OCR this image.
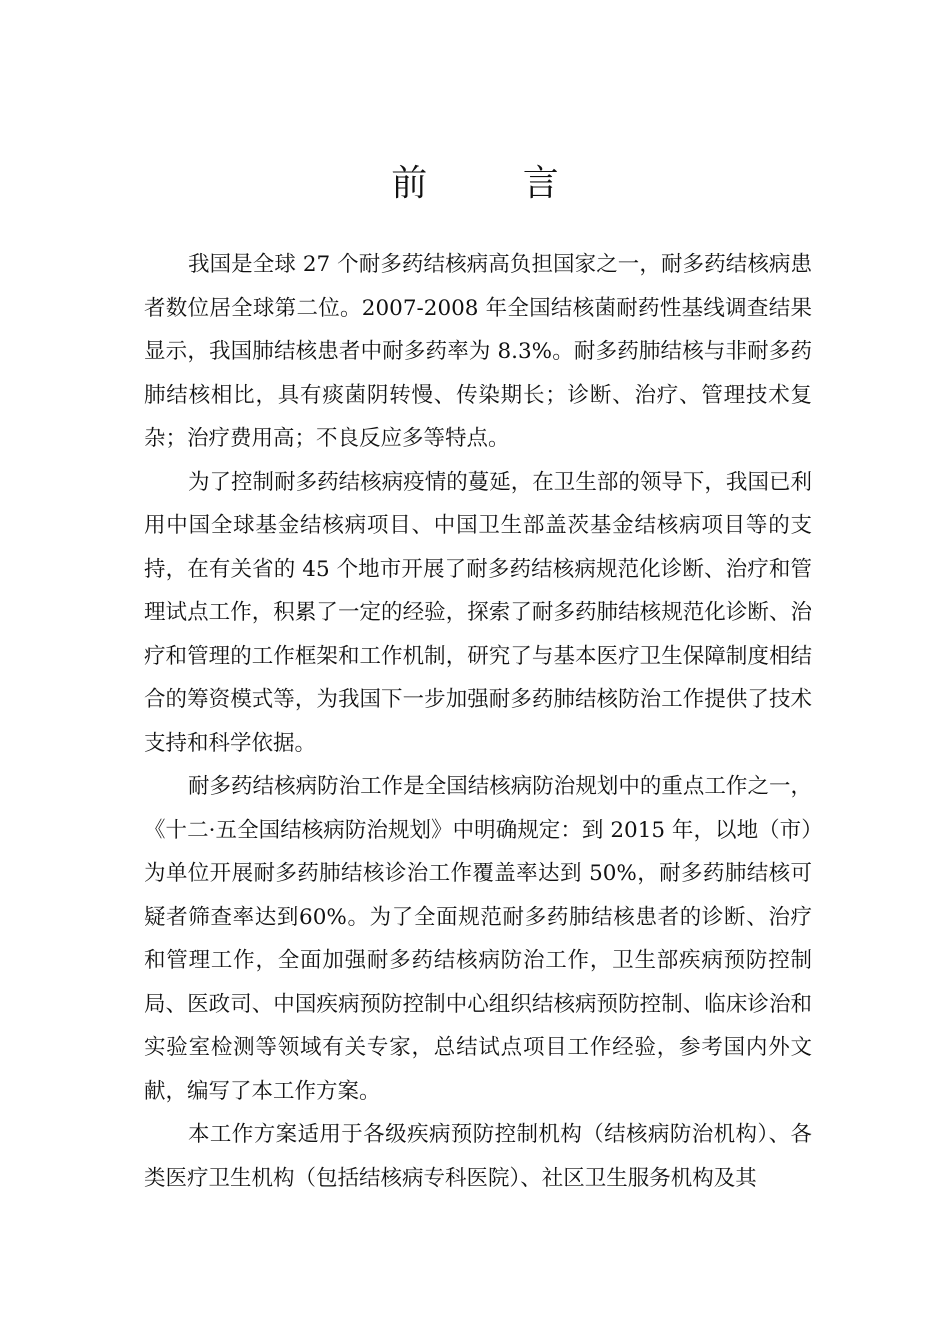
前 言

我国是全球 27 个耐多药结核病高负担国家之一，耐多药结核病患者数位居全球第二位。2007-2008 年全国结核菌耐药性基线调查结果显示，我国肺结核患者中耐多药率为 8.3%。耐多药肺结核与非耐多药肺结核相比，具有痰菌阴转慢、传染期长；诊断、治疗、管理技术复杂；治疗费用高；不良反应多等特点。

为了控制耐多药结核病疫情的蔓延，在卫生部的领导下，我国已利用中国全球基金结核病项目、中国卫生部盖茨基金结核病项目等的支持，在有关省的 45 个地市开展了耐多药结核病规范化诊断、治疗和管理试点工作，积累了一定的经验，探索了耐多药肺结核规范化诊断、治疗和管理的工作框架和工作机制，研究了与基本医疗卫生保障制度相结合的筹资模式等，为我国下一步加强耐多药肺结核防治工作提供了技术支持和科学依据。

耐多药结核病防治工作是全国结核病防治规划中的重点工作之一，《十二·五全国结核病防治规划》中明确规定：到 2015 年，以地（市）为单位开展耐多药肺结核诊治工作覆盖率达到 50%，耐多药肺结核可疑者筛查率达到60%。为了全面规范耐多药肺结核患者的诊断、治疗和管理工作，全面加强耐多药结核病防治工作，卫生部疾病预防控制局、医政司、中国疾病预防控制中心组织结核病预防控制、临床诊治和实验室检测等领域有关专家，总结试点项目工作经验，参考国内外文献，编写了本工作方案。

本工作方案适用于各级疾病预防控制机构（结核病防治机构）、各类医疗卫生机构（包括结核病专科医院）、社区卫生服务机构及其
